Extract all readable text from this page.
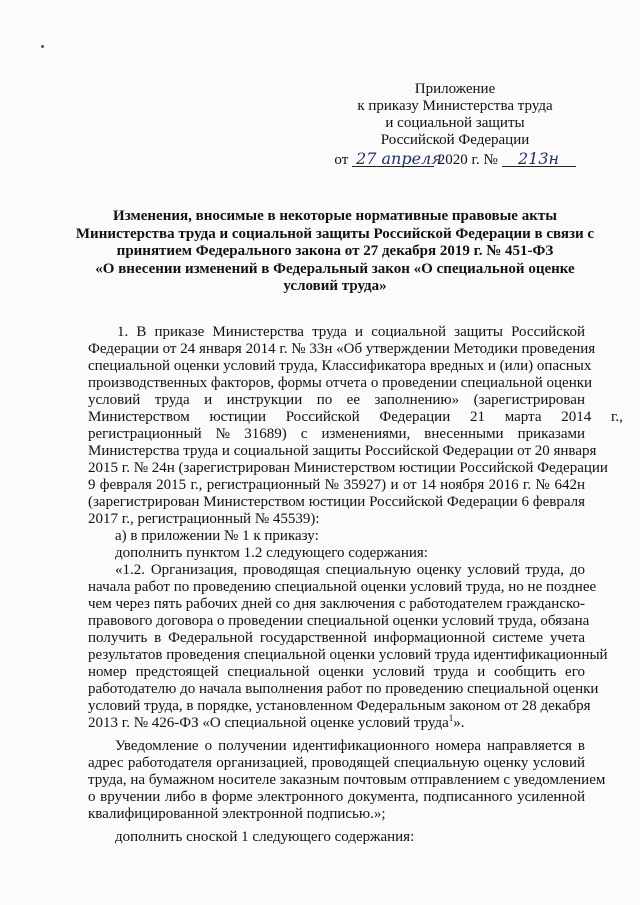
Приложение
к приказу Министерства труда
и социальной защиты
Российской Федерации
от 27 апреля 2020 г. № 213н
Изменения, вносимые в некоторые нормативные правовые акты
Министерства труда и социальной защиты Российской Федерации в связи с
принятием Федерального закона от 27 декабря 2019 г. № 451-ФЗ
«О внесении изменений в Федеральный закон «О специальной оценке
условий труда»
1. В приказе Министерства труда и социальной защиты Российской
Федерации от 24 января 2014 г. № 33н «Об утверждении Методики проведения
специальной оценки условий труда, Классификатора вредных и (или) опасных
производственных факторов, формы отчета о проведении специальной оценки
условий труда и инструкции по ее заполнению» (зарегистрирован
Министерством юстиции Российской Федерации 21 марта 2014 г.,
регистрационный № 31689) с изменениями, внесенными приказами
Министерства труда и социальной защиты Российской Федерации от 20 января
2015 г. № 24н (зарегистрирован Министерством юстиции Российской Федерации
9 февраля 2015 г., регистрационный № 35927) и от 14 ноября 2016 г. № 642н
(зарегистрирован Министерством юстиции Российской Федерации 6 февраля
2017 г., регистрационный № 45539):
а) в приложении № 1 к приказу:
дополнить пунктом 1.2 следующего содержания:
«1.2. Организация, проводящая специальную оценку условий труда, до
начала работ по проведению специальной оценки условий труда, но не позднее
чем через пять рабочих дней со дня заключения с работодателем гражданско-
правового договора о проведении специальной оценки условий труда, обязана
получить в Федеральной государственной информационной системе учета
результатов проведения специальной оценки условий труда идентификационный
номер предстоящей специальной оценки условий труда и сообщить его
работодателю до начала выполнения работ по проведению специальной оценки
условий труда, в порядке, установленном Федеральным законом от 28 декабря
2013 г. № 426-ФЗ «О специальной оценке условий труда$^1$».
Уведомление о получении идентификационного номера направляется в
адрес работодателя организацией, проводящей специальную оценку условий
труда, на бумажном носителе заказным почтовым отправлением с уведомлением
о вручении либо в форме электронного документа, подписанного усиленной
квалифицированной электронной подписью.»;
дополнить сноской 1 следующего содержания:
